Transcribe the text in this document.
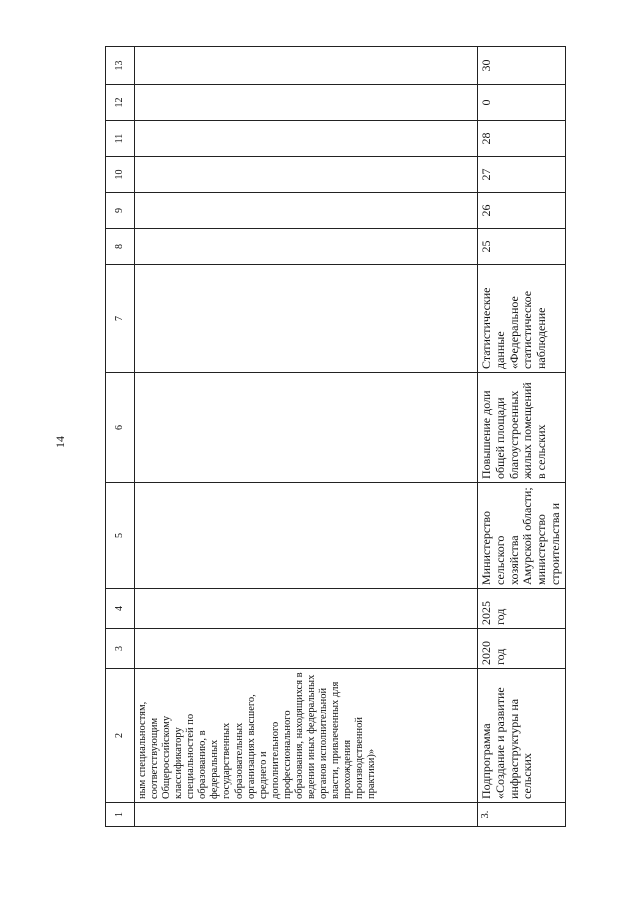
14
1	2	3	4	5	6	7	8	9	10	11	12	13
	ным специальностям, соответствующим Общероссийскому классификатору специальностей по образованию, в федеральных государственных образовательных организациях высшего, среднего и дополнительного профессионального образования, находящихся в ведении иных федеральных органов исполнительной власти, привлеченных для прохождения производственной практики)»											
3.	Подпрограмма «Создание и развитие инфраструктуры на сельских	2020 год	2025 год	Министерство сельского хозяйства Амурской области; министерство строительства и	Повышение доли общей площади благоустроенных жилых помещений в сельских	Статистические данные «Федеральное статистическое наблюдение	25	26	27	28	0	30
